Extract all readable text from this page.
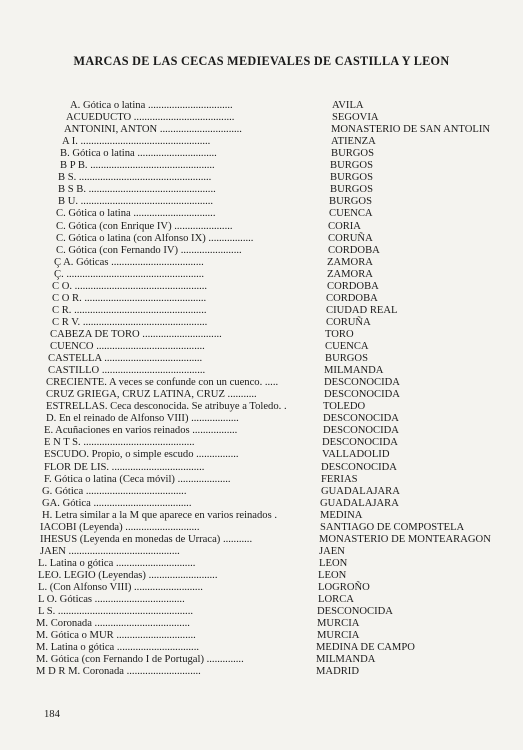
MARCAS DE LAS CECAS MEDIEVALES DE CASTILLA Y LEON
A. Gótica o latina ................................	AVILA
ACUEDUCTO ......................................	SEGOVIA
ANTONINI, ANTON ...............................	MONASTERIO DE SAN ANTOLIN
A I. .................................................	ATIENZA
B. Gótica o latina ..............................	BURGOS
B P B. ...............................................	BURGOS
B S. ..................................................	BURGOS
B S B. ................................................	BURGOS
B U. ..................................................	BURGOS
C. Gótica o latina ...............................	CUENCA
C. Gótica (con Enrique IV) ......................	CORIA
C. Gótica o latina (con Alfonso IX) .................	CORUÑA
C. Gótica (con Fernando IV) .......................	CORDOBA
Ç A. Góticas ...................................	ZAMORA
Ç. ....................................................	ZAMORA
C O. ..................................................	CORDOBA
C O R. ..............................................	CORDOBA
C R. ..................................................	CIUDAD REAL
C R V. ...............................................	CORUÑA
CABEZA DE TORO ..............................	TORO
CUENCO .........................................	CUENCA
CASTELLA .....................................	BURGOS
CASTILLO .......................................	MILMANDA
CRECIENTE. A veces se confunde con un cuenco. .....	DESCONOCIDA
CRUZ GRIEGA, CRUZ LATINA, CRUZ ...........	DESCONOCIDA
ESTRELLAS. Ceca desconocida. Se atribuye a Toledo. .	TOLEDO
D. En el reinado de Alfonso VIII) ..................	DESCONOCIDA
E. Acuñaciones en varios reinados .................	DESCONOCIDA
E N T S. ..........................................	DESCONOCIDA
ESCUDO. Propio, o simple escudo ................	VALLADOLID
FLOR DE LIS. ...................................	DESCONOCIDA
F. Gótica o latina (Ceca móvil) ....................	FERIAS
G. Gótica ......................................	GUADALAJARA
GA. Gótica .....................................	GUADALAJARA
H. Letra similar a la M que aparece en varios reinados .	MEDINA
IACOBI (Leyenda) ............................	SANTIAGO DE COMPOSTELA
IHESUS (Leyenda en monedas de Urraca) ...........	MONASTERIO DE MONTEARAGON
JAEN ..........................................	JAEN
L. Latina o gótica ..............................	LEON
LEO. LEGIO (Leyendas) ..........................	LEON
L. (Con Alfonso VIII) ..........................	LOGROÑO
L O. Góticas ..................................	LORCA
L S. ...................................................	DESCONOCIDA
M. Coronada ....................................	MURCIA
M. Gótica o MUR ..............................	MURCIA
M. Latina o gótica ...............................	MEDINA DE CAMPO
M. Gótica (con Fernando I de Portugal) ..............	MILMANDA
M D R M. Coronada ............................	MADRID
184
